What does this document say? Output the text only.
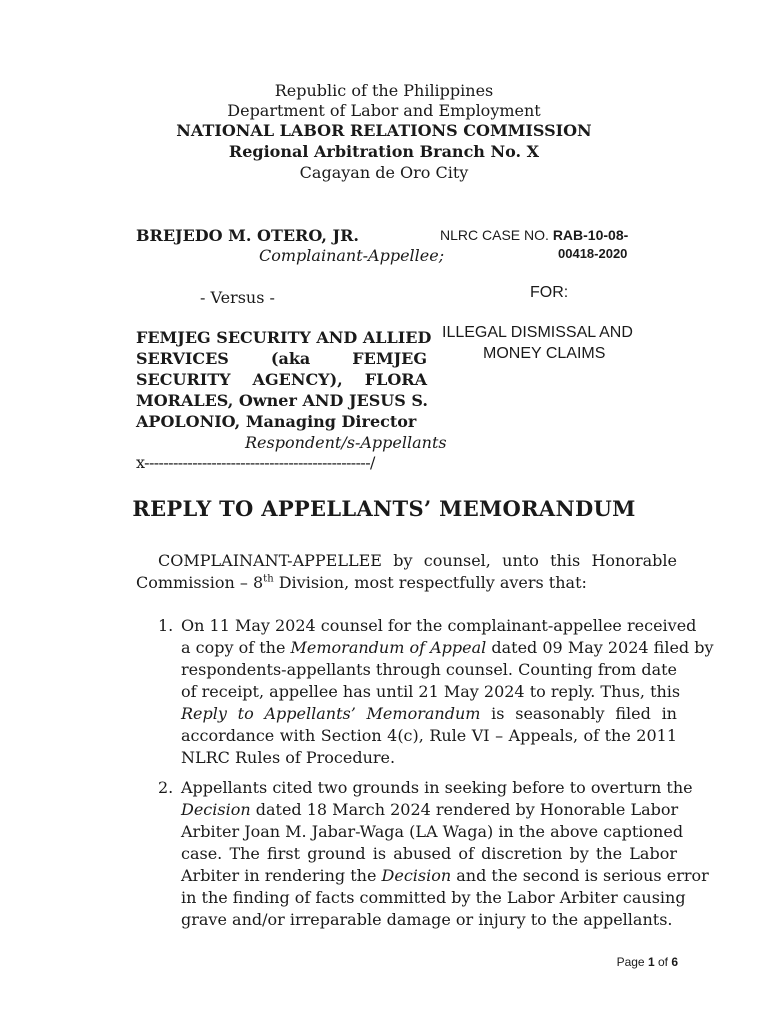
Republic of the Philippines
Department of Labor and Employment
NATIONAL LABOR RELATIONS COMMISSION
Regional Arbitration Branch No. X
Cagayan de Oro City
BREJEDO M. OTERO, JR.
Complainant-Appellee;
- Versus -
FEMJEG SECURITY AND ALLIED
SERVICES (aka FEMJEG
SECURITY AGENCY), FLORA
MORALES, Owner AND JESUS S.
APOLONIO, Managing Director
Respondent/s-Appellants
x-----------------------------------------------/
NLRC CASE NO. RAB-10-08-
00418-2020
FOR:
ILLEGAL DISMISSAL AND
MONEY CLAIMS
REPLY TO APPELLANTS’ MEMORANDUM
COMPLAINANT-APPELLEE by counsel, unto this Honorable
Commission – 8th Division, most respectfully avers that:
1. On 11 May 2024 counsel for the complainant-appellee received
a copy of the Memorandum of Appeal dated 09 May 2024 filed by
respondents-appellants through counsel. Counting from date
of receipt, appellee has until 21 May 2024 to reply. Thus, this
Reply to Appellants’ Memorandum is seasonably filed in
accordance with Section 4(c), Rule VI – Appeals, of the 2011
NLRC Rules of Procedure.
2. Appellants cited two grounds in seeking before to overturn the
Decision dated 18 March 2024 rendered by Honorable Labor
Arbiter Joan M. Jabar-Waga (LA Waga) in the above captioned
case. The first ground is abused of discretion by the Labor
Arbiter in rendering the Decision and the second is serious error
in the finding of facts committed by the Labor Arbiter causing
grave and/or irreparable damage or injury to the appellants.
Page 1 of 6
